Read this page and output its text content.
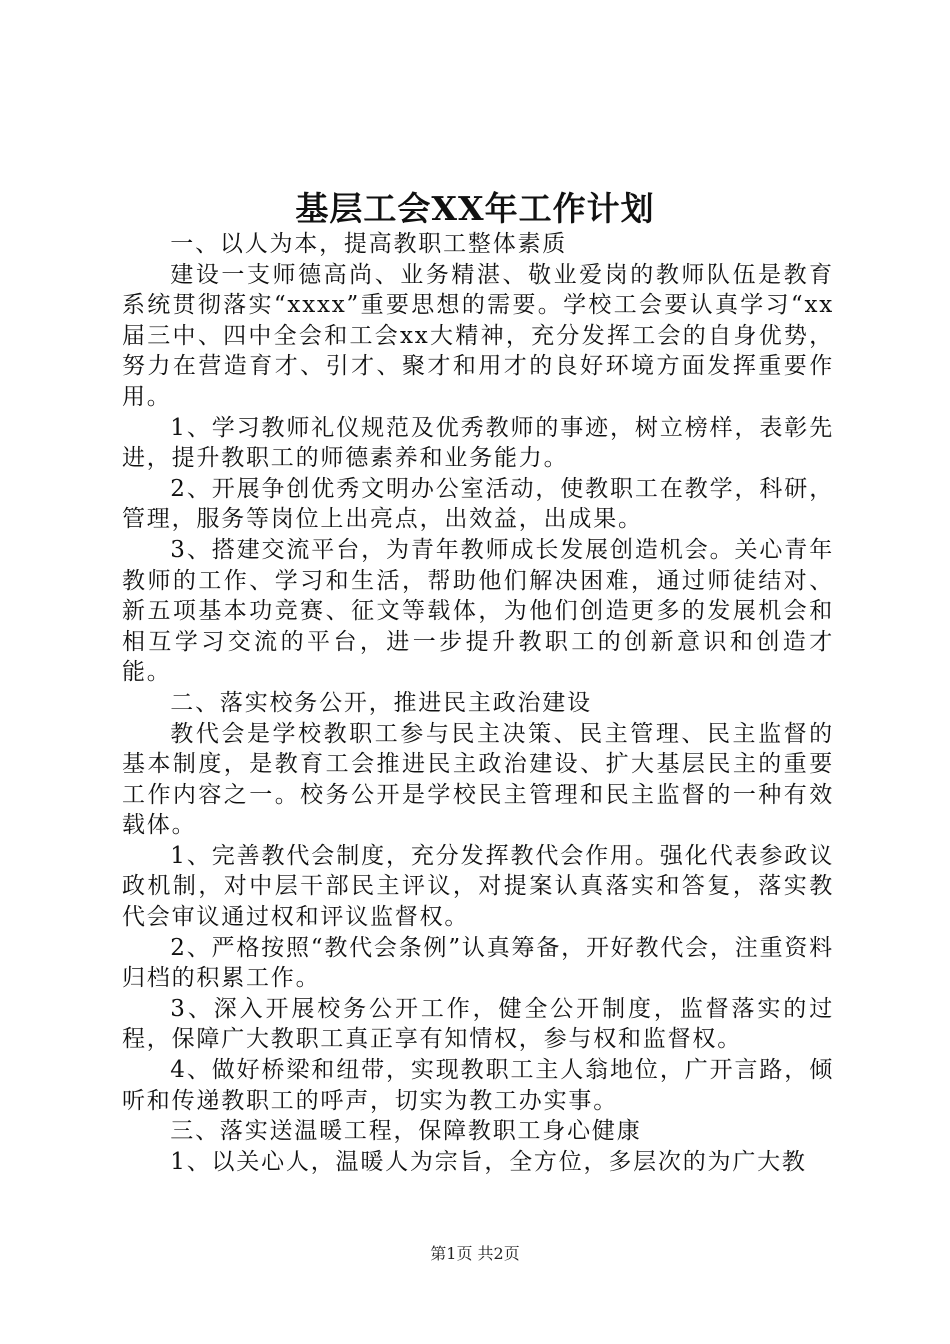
基层工会XX年工作计划

一、以人为本，提高教职工整体素质

建设一支师德高尚、业务精湛、敬业爱岗的教师队伍是教育系统贯彻落实“xxxx”重要思想的需要。学校工会要认真学习“xx届三中、四中全会和工会xx大精神，充分发挥工会的自身优势，努力在营造育才、引才、聚才和用才的良好环境方面发挥重要作用。

1、学习教师礼仪规范及优秀教师的事迹，树立榜样，表彰先进，提升教职工的师德素养和业务能力。

2、开展争创优秀文明办公室活动，使教职工在教学，科研，管理，服务等岗位上出亮点，出效益，出成果。

3、搭建交流平台，为青年教师成长发展创造机会。关心青年教师的工作、学习和生活，帮助他们解决困难，通过师徒结对、新五项基本功竞赛、征文等载体，为他们创造更多的发展机会和相互学习交流的平台，进一步提升教职工的创新意识和创造才能。

二、落实校务公开，推进民主政治建设

教代会是学校教职工参与民主决策、民主管理、民主监督的基本制度，是教育工会推进民主政治建设、扩大基层民主的重要工作内容之一。校务公开是学校民主管理和民主监督的一种有效载体。

1、完善教代会制度，充分发挥教代会作用。强化代表参政议政机制，对中层干部民主评议，对提案认真落实和答复，落实教代会审议通过权和评议监督权。

2、严格按照“教代会条例”认真筹备，开好教代会，注重资料归档的积累工作。

3、深入开展校务公开工作，健全公开制度，监督落实的过程，保障广大教职工真正享有知情权，参与权和监督权。

4、做好桥梁和纽带，实现教职工主人翁地位，广开言路，倾听和传递教职工的呼声，切实为教工办实事。

三、落实送温暖工程，保障教职工身心健康

1、以关心人，温暖人为宗旨，全方位，多层次的为广大教

第1页 共2页
